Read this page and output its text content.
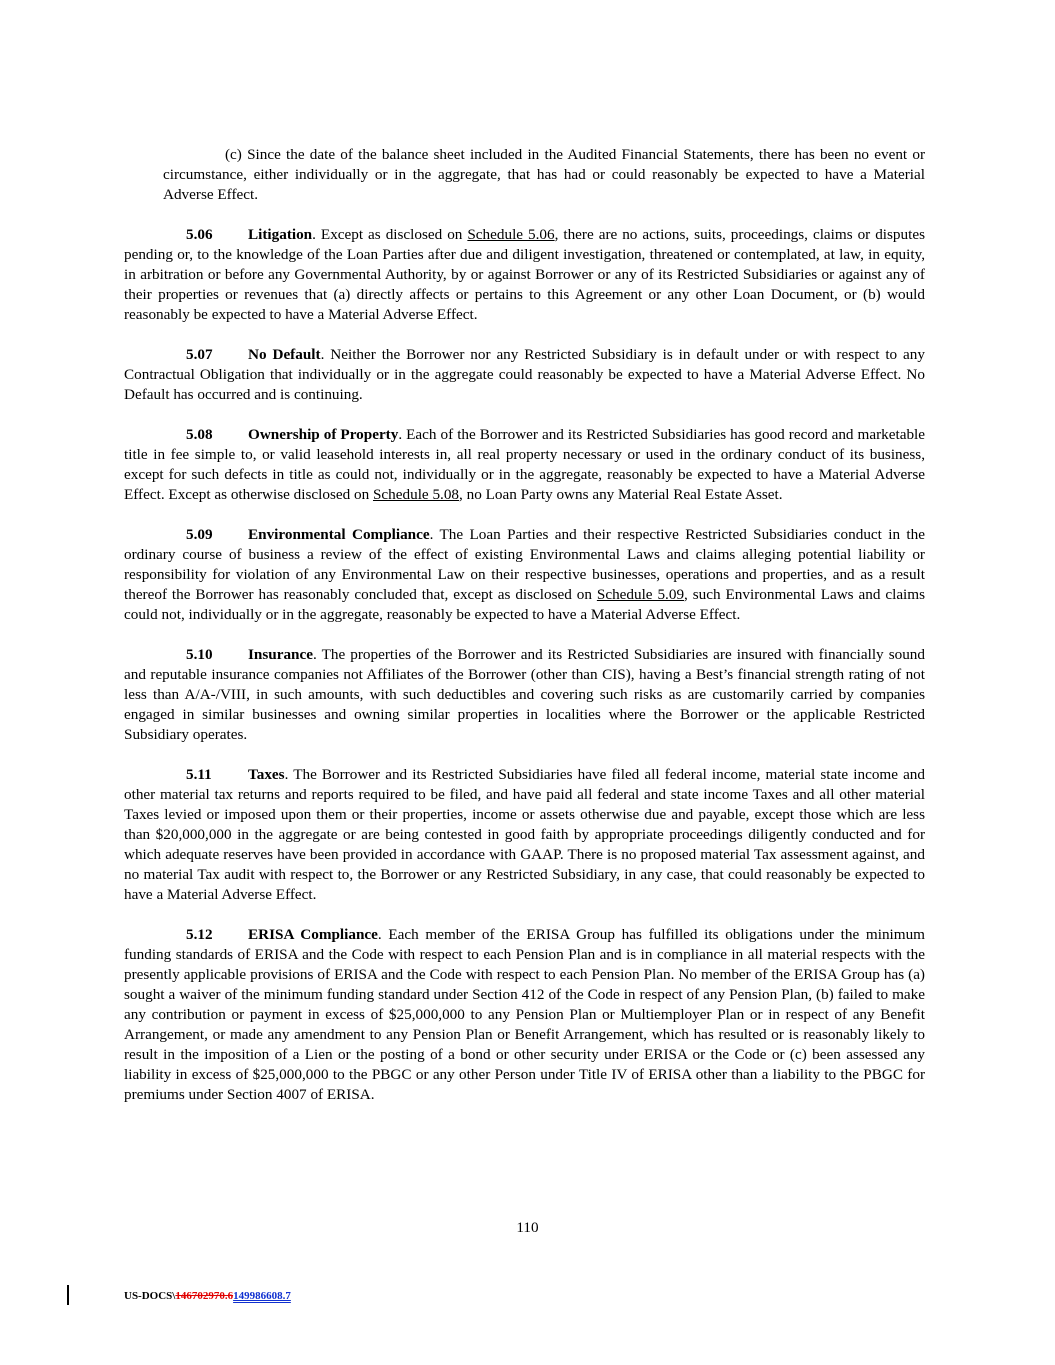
(c) Since the date of the balance sheet included in the Audited Financial Statements, there has been no event or circumstance, either individually or in the aggregate, that has had or could reasonably be expected to have a Material Adverse Effect.

5.06 Litigation. Except as disclosed on Schedule 5.06, there are no actions, suits, proceedings, claims or disputes pending or, to the knowledge of the Loan Parties after due and diligent investigation, threatened or contemplated, at law, in equity, in arbitration or before any Governmental Authority, by or against Borrower or any of its Restricted Subsidiaries or against any of their properties or revenues that (a) directly affects or pertains to this Agreement or any other Loan Document, or (b) would reasonably be expected to have a Material Adverse Effect.

5.07 No Default. Neither the Borrower nor any Restricted Subsidiary is in default under or with respect to any Contractual Obligation that individually or in the aggregate could reasonably be expected to have a Material Adverse Effect. No Default has occurred and is continuing.

5.08 Ownership of Property. Each of the Borrower and its Restricted Subsidiaries has good record and marketable title in fee simple to, or valid leasehold interests in, all real property necessary or used in the ordinary conduct of its business, except for such defects in title as could not, individually or in the aggregate, reasonably be expected to have a Material Adverse Effect. Except as otherwise disclosed on Schedule 5.08, no Loan Party owns any Material Real Estate Asset.

5.09 Environmental Compliance. The Loan Parties and their respective Restricted Subsidiaries conduct in the ordinary course of business a review of the effect of existing Environmental Laws and claims alleging potential liability or responsibility for violation of any Environmental Law on their respective businesses, operations and properties, and as a result thereof the Borrower has reasonably concluded that, except as disclosed on Schedule 5.09, such Environmental Laws and claims could not, individually or in the aggregate, reasonably be expected to have a Material Adverse Effect.

5.10 Insurance. The properties of the Borrower and its Restricted Subsidiaries are insured with financially sound and reputable insurance companies not Affiliates of the Borrower (other than CIS), having a Best’s financial strength rating of not less than A/A-/VIII, in such amounts, with such deductibles and covering such risks as are customarily carried by companies engaged in similar businesses and owning similar properties in localities where the Borrower or the applicable Restricted Subsidiary operates.

5.11 Taxes. The Borrower and its Restricted Subsidiaries have filed all federal income, material state income and other material tax returns and reports required to be filed, and have paid all federal and state income Taxes and all other material Taxes levied or imposed upon them or their properties, income or assets otherwise due and payable, except those which are less than $20,000,000 in the aggregate or are being contested in good faith by appropriate proceedings diligently conducted and for which adequate reserves have been provided in accordance with GAAP. There is no proposed material Tax assessment against, and no material Tax audit with respect to, the Borrower or any Restricted Subsidiary, in any case, that could reasonably be expected to have a Material Adverse Effect.

5.12 ERISA Compliance. Each member of the ERISA Group has fulfilled its obligations under the minimum funding standards of ERISA and the Code with respect to each Pension Plan and is in compliance in all material respects with the presently applicable provisions of ERISA and the Code with respect to each Pension Plan. No member of the ERISA Group has (a) sought a waiver of the minimum funding standard under Section 412 of the Code in respect of any Pension Plan, (b) failed to make any contribution or payment in excess of $25,000,000 to any Pension Plan or Multiemployer Plan or in respect of any Benefit Arrangement, or made any amendment to any Pension Plan or Benefit Arrangement, which has resulted or is reasonably likely to result in the imposition of a Lien or the posting of a bond or other security under ERISA or the Code or (c) been assessed any liability in excess of $25,000,000 to the PBGC or any other Person under Title IV of ERISA other than a liability to the PBGC for premiums under Section 4007 of ERISA.

110
US-DOCS\146702970.6149986608.7
